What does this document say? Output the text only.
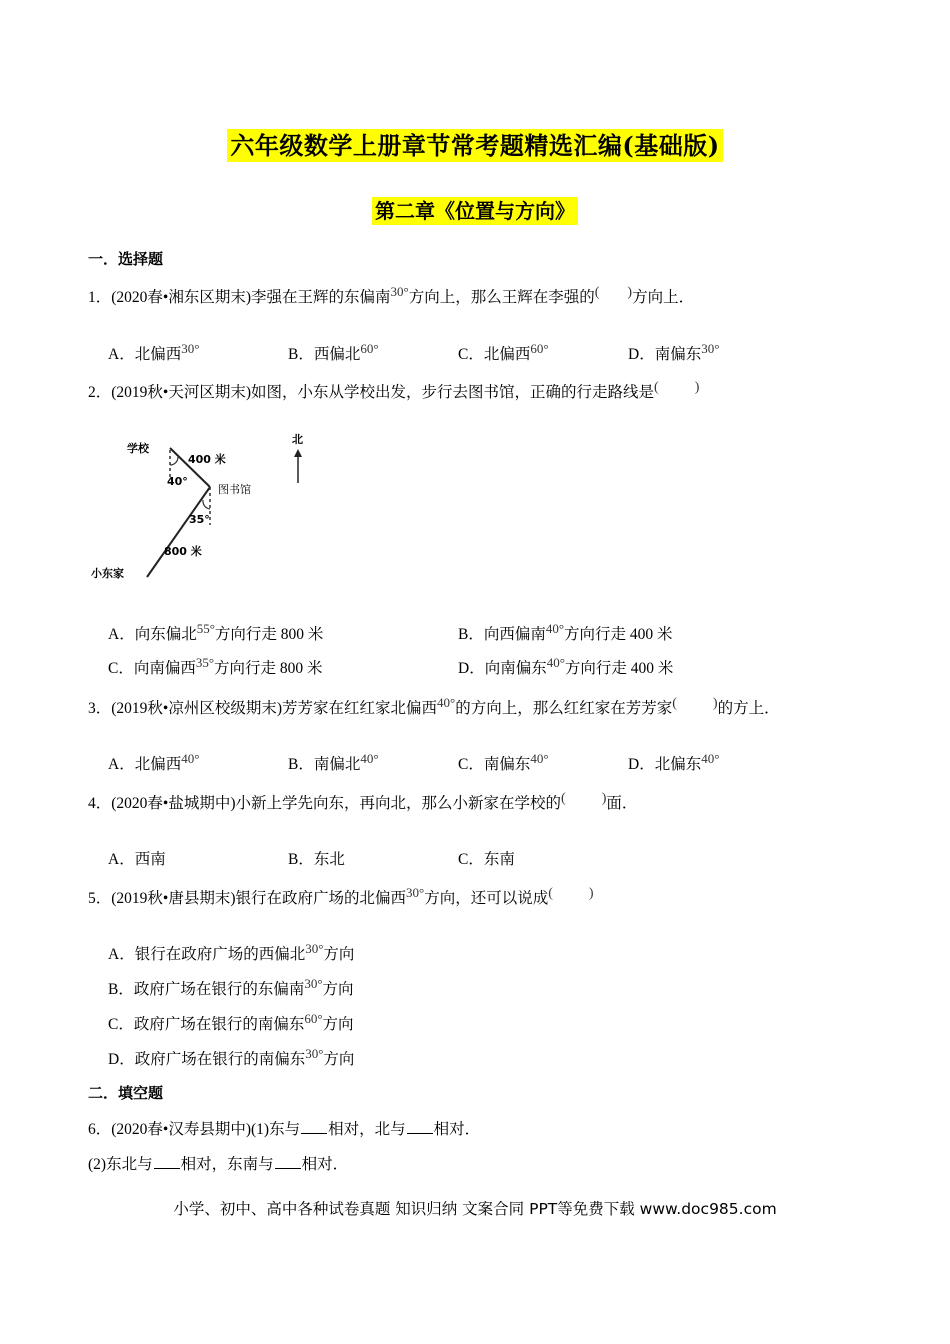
六年级数学上册章节常考题精选汇编(基础版)
第二章《位置与方向》
一．选择题
1．(2020春•湘东区期末)李强在王辉的东偏南$^{30^\circ}$方向上，那么王辉在李强的( )方向上．
A．北偏西$^{30^\circ}$	B．西偏北$^{60^\circ}$	C．北偏西$^{60^\circ}$	D．南偏东$^{30^\circ}$
2．(2019秋•天河区期末)如图，小东从学校出发，步行去图书馆，正确的行走路线是(	)
北
学校
400 米
40°
图书馆
35°
800 米
小东家
A．向东偏北$^{55^\circ}$方向行走 800 米	B．向西偏南$^{40^\circ}$方向行走 400 米
C．向南偏西$^{35^\circ}$方向行走 800 米	D．向南偏东$^{40^\circ}$方向行走 400 米
3．(2019秋•凉州区校级期末)芳芳家在红红家北偏西$^{40^\circ}$的方向上，那么红红家在芳芳家(	)的方上．
A．北偏西$^{40^\circ}$	B．南偏北$^{40^\circ}$	C．南偏东$^{40^\circ}$	D．北偏东$^{40^\circ}$
4．(2020春•盐城期中)小新上学先向东，再向北，那么小新家在学校的(	)面．
A．西南	B．东北	C．东南
5．(2019秋•唐县期末)银行在政府广场的北偏西$^{30^\circ}$方向，还可以说成(	)
A．银行在政府广场的西偏北$^{30^\circ}$方向
B．政府广场在银行的东偏南$^{30^\circ}$方向
C．政府广场在银行的南偏东$^{60^\circ}$方向
D．政府广场在银行的南偏东$^{30^\circ}$方向
二．填空题
6．(2020春•汉寿县期中)(1)东与 相对，北与 相对．
(2)东北与 相对，东南与 相对．
小学、初中、高中各种试卷真题 知识归纳 文案合同 PPT等免费下载 www.doc985.com
